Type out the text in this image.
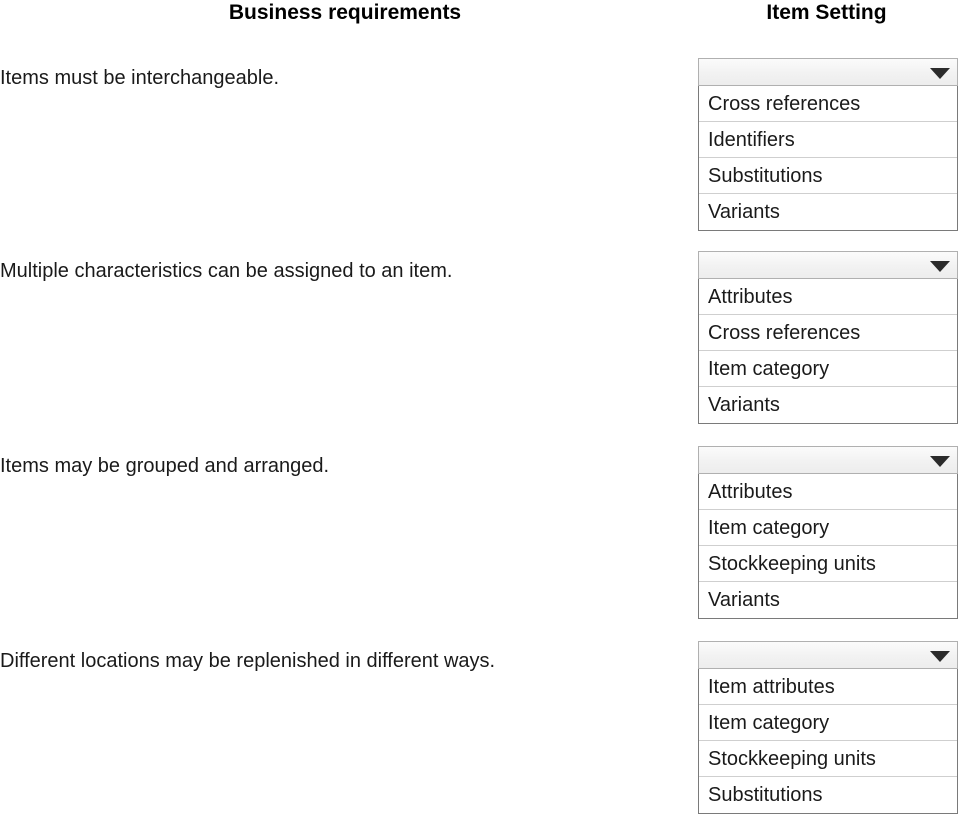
Business requirements	Item Setting
Items must be interchangeable.
Cross references
Identifiers
Substitutions
Variants
Multiple characteristics can be assigned to an item.
Attributes
Cross references
Item category
Variants
Items may be grouped and arranged.
Attributes
Item category
Stockkeeping units
Variants
Different locations may be replenished in different ways.
Item attributes
Item category
Stockkeeping units
Substitutions
